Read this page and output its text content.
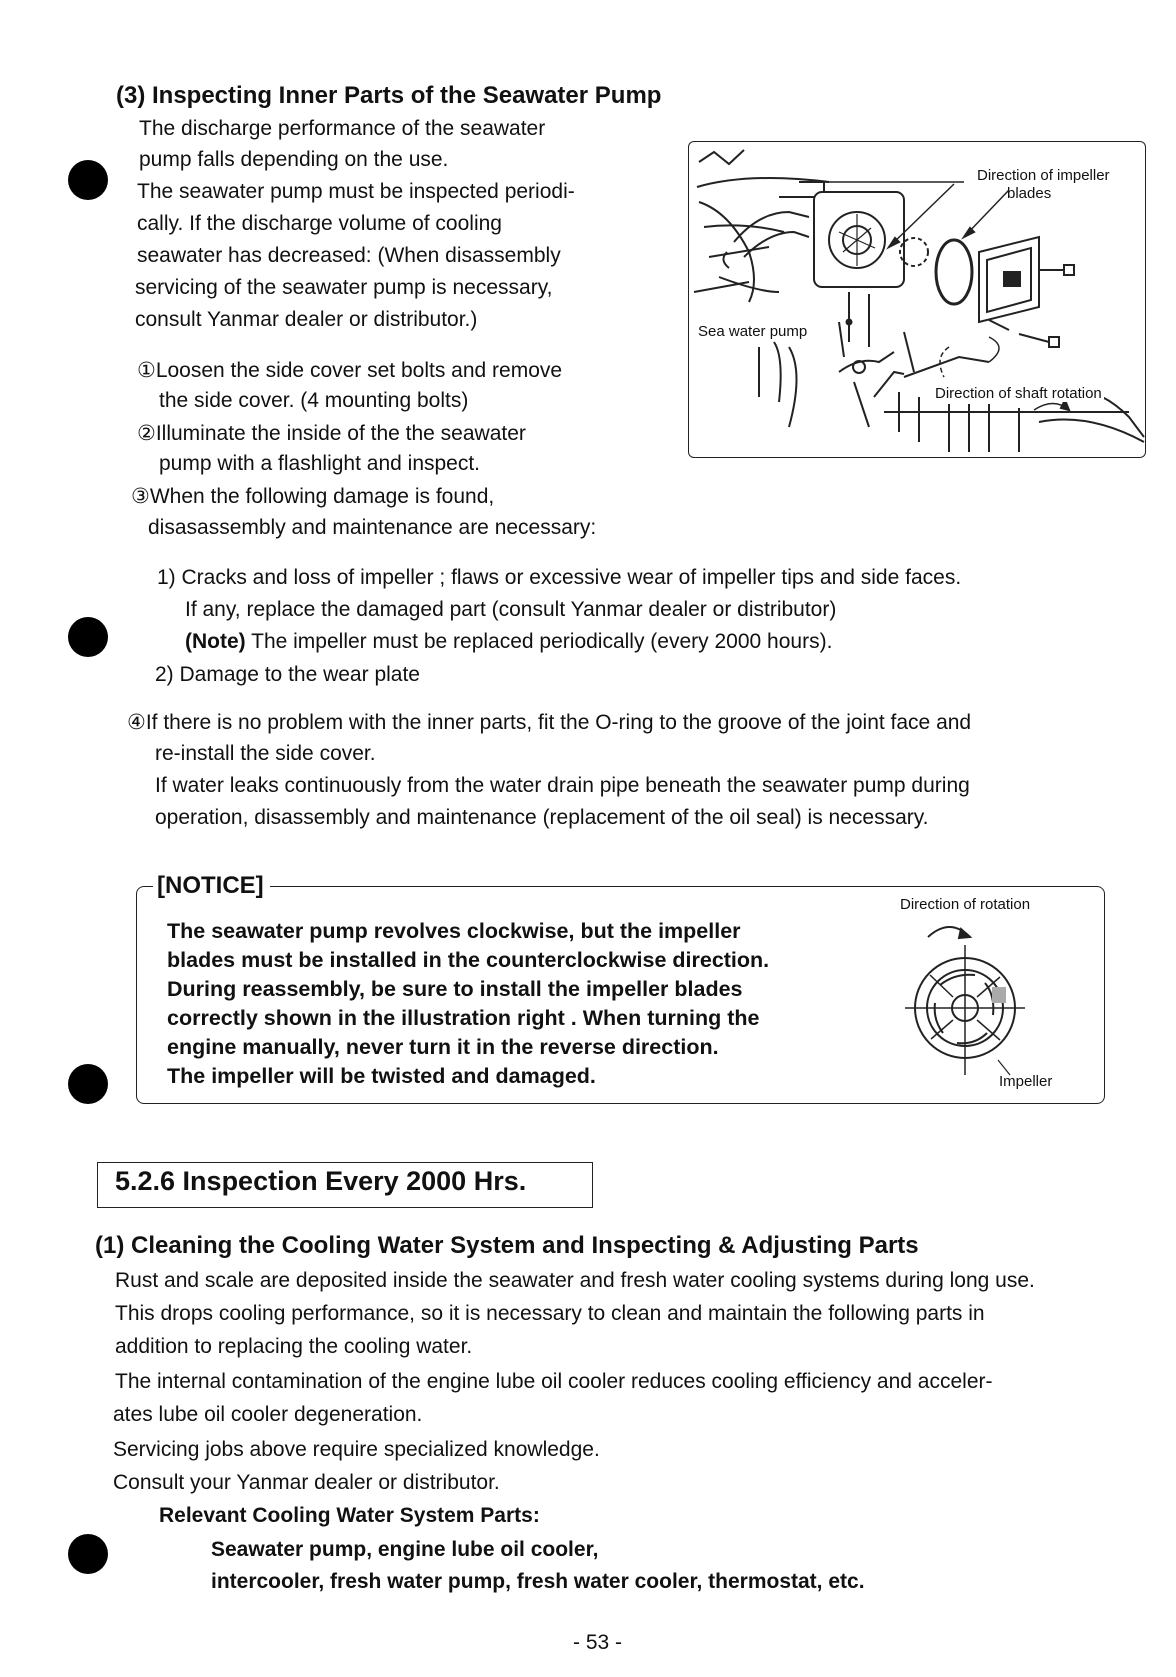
(3) Inspecting Inner Parts of the Seawater Pump
The discharge performance of the seawater
pump falls depending on the use.
The seawater pump must be inspected periodi-
cally. If the discharge volume of cooling
seawater has decreased: (When disassembly
servicing of the seawater pump is necessary,
consult Yanmar dealer or distributor.)
①Loosen the side cover set bolts and remove
the side cover. (4 mounting bolts)
②Illuminate the inside of the the seawater
pump with a flashlight and inspect.
③When the following damage is found,
disasassembly and maintenance are necessary:
1) Cracks and loss of impeller ; flaws or excessive wear of impeller tips and side faces.
If any, replace the damaged part (consult Yanmar dealer or distributor)
(Note) The impeller must be replaced periodically (every 2000 hours).
2) Damage to the wear plate
④If there is no problem with the inner parts, fit the O-ring to the groove of the joint face and
re-install the side cover.
If water leaks continuously from the water drain pipe beneath the seawater pump during
operation, disassembly and maintenance (replacement of the oil seal) is necessary.
Direction of impeller
blades
Sea water pump
Direction of shaft rotation
[NOTICE]
The seawater pump revolves clockwise, but the impeller
blades must be installed in the counterclockwise direction.
During reassembly, be sure to install the impeller blades
correctly shown in the illustration right . When turning the
engine manually, never turn it in the reverse direction.
The impeller will be twisted and damaged.
Direction of rotation
Impeller
5.2.6 Inspection Every 2000 Hrs.
(1) Cleaning the Cooling Water System and Inspecting & Adjusting Parts
Rust and scale are deposited inside the seawater and fresh water cooling systems during long use.
This drops cooling performance, so it is necessary to clean and maintain the following parts in
addition to replacing the cooling water.
The internal contamination of the engine lube oil cooler reduces cooling efficiency and acceler-
ates lube oil cooler degeneration.
Servicing jobs above require specialized knowledge.
Consult your Yanmar dealer or distributor.
Relevant Cooling Water System Parts:
Seawater pump, engine lube oil cooler,
intercooler, fresh water pump, fresh water cooler, thermostat, etc.
- 53 -
